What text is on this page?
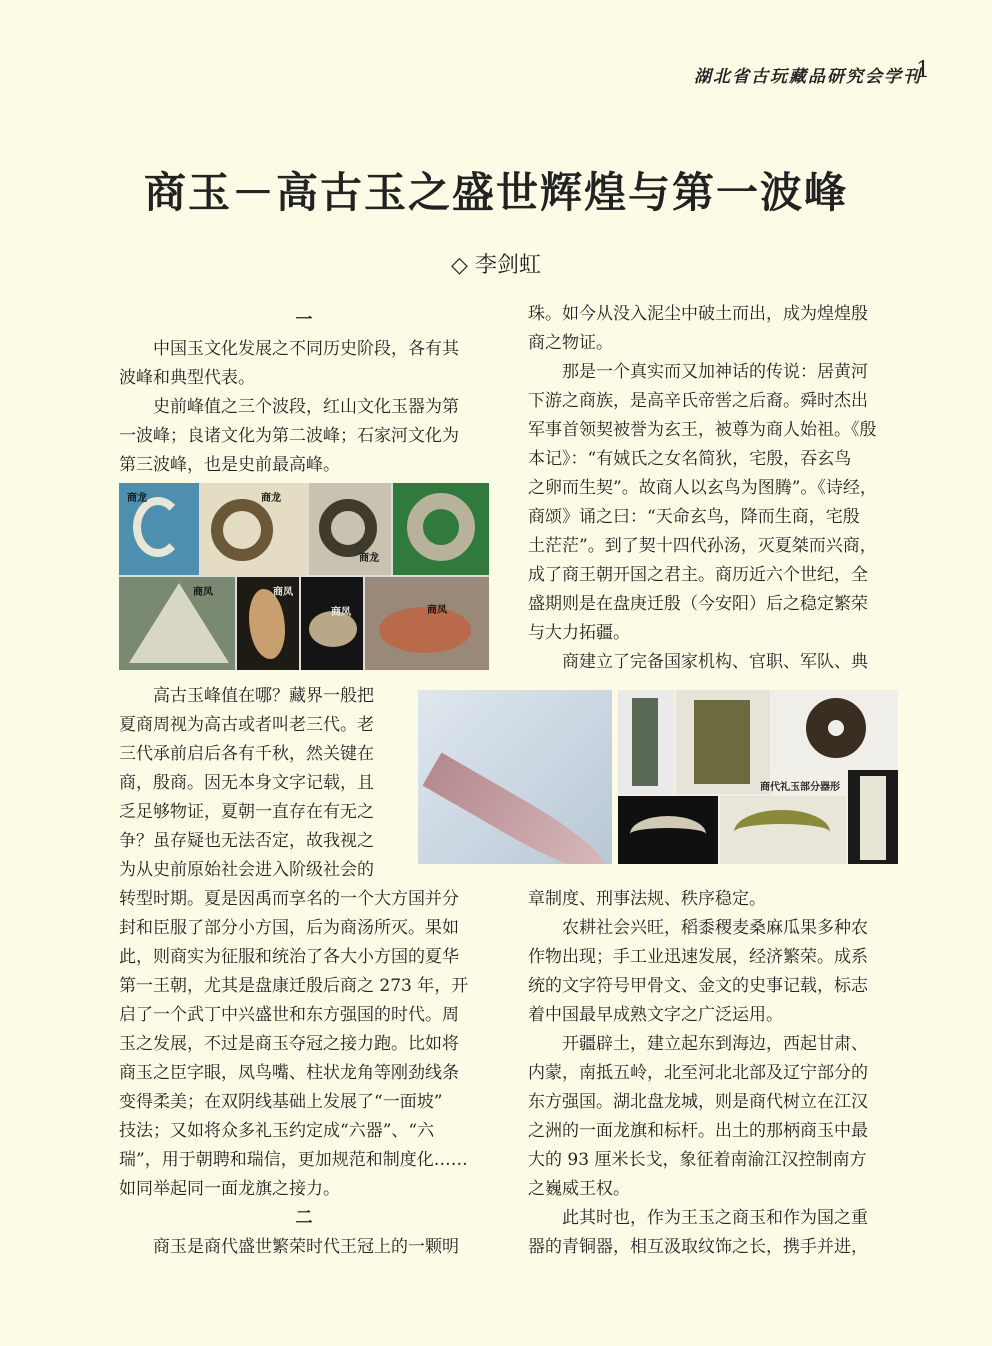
湖北省古玩藏品研究会学刊
1
商玉－高古玉之盛世辉煌与第一波峰
◇ 李剑虹
一

中国玉文化发展之不同历史阶段，各有其

波峰和典型代表。

史前峰值之三个波段，红山文化玉器为第

一波峰；良诸文化为第二波峰；石家河文化为

第三波峰，也是史前最高峰。

商龙	商龙
商龙
商凤
商凤	商凤
商凤

高古玉峰值在哪？藏界一般把

夏商周视为高古或者叫老三代。老

三代承前启后各有千秋，然关键在

商，殷商。因无本身文字记载，且

乏足够物证，夏朝一直存在有无之

争？虽存疑也无法否定，故我视之

为从史前原始社会进入阶级社会的

商代礼玉部分器形

转型时期。夏是因禹而享名的一个大方国并分

封和臣服了部分小方国，后为商汤所灭。果如

此，则商实为征服和统治了各大小方国的夏华

第一王朝，尤其是盘康迁殷后商之 273 年，开

启了一个武丁中兴盛世和东方强国的时代。周

玉之发展，不过是商玉夺冠之接力跑。比如将

商玉之臣字眼，凤鸟嘴、柱状龙角等刚劲线条

变得柔美；在双阴线基础上发展了“一面坡”

技法；又如将众多礼玉约定成“六器”、“六

瑞”，用于朝聘和瑞信，更加规范和制度化……

如同举起同一面龙旗之接力。

二

商玉是商代盛世繁荣时代王冠上的一颗明

珠。如今从没入泥尘中破土而出，成为煌煌殷

商之物证。

那是一个真实而又加神话的传说：居黄河

下游之商族，是高辛氏帝喾之后裔。舜时杰出

军事首领契被誉为玄王，被尊为商人始祖。《殷

本记》：“有娀氏之女名简狄，宅殷，吞玄鸟

之卵而生契”。故商人以玄鸟为图腾”。《诗经，

商颂》诵之曰：“天命玄鸟，降而生商，宅殷

土茫茫”。到了契十四代孙汤，灭夏桀而兴商，

成了商王朝开国之君主。商历近六个世纪，全

盛期则是在盘庚迁殷（今安阳）后之稳定繁荣

与大力拓疆。

商建立了完备国家机构、官职、军队、典

章制度、刑事法规、秩序稳定。

农耕社会兴旺，稻黍稷麦桑麻瓜果多种农

作物出现；手工业迅速发展，经济繁荣。成系

统的文字符号甲骨文、金文的史事记载，标志

着中国最早成熟文字之广泛运用。

开疆辟土，建立起东到海边，西起甘肃、

内蒙，南抵五岭，北至河北北部及辽宁部分的

东方强国。湖北盘龙城，则是商代树立在江汉

之洲的一面龙旗和标杆。出土的那柄商玉中最

大的 93 厘米长戈，象征着南渝江汉控制南方

之巍威王权。

此其时也，作为王玉之商玉和作为国之重

器的青铜器，相互汲取纹饰之长，携手并进，
